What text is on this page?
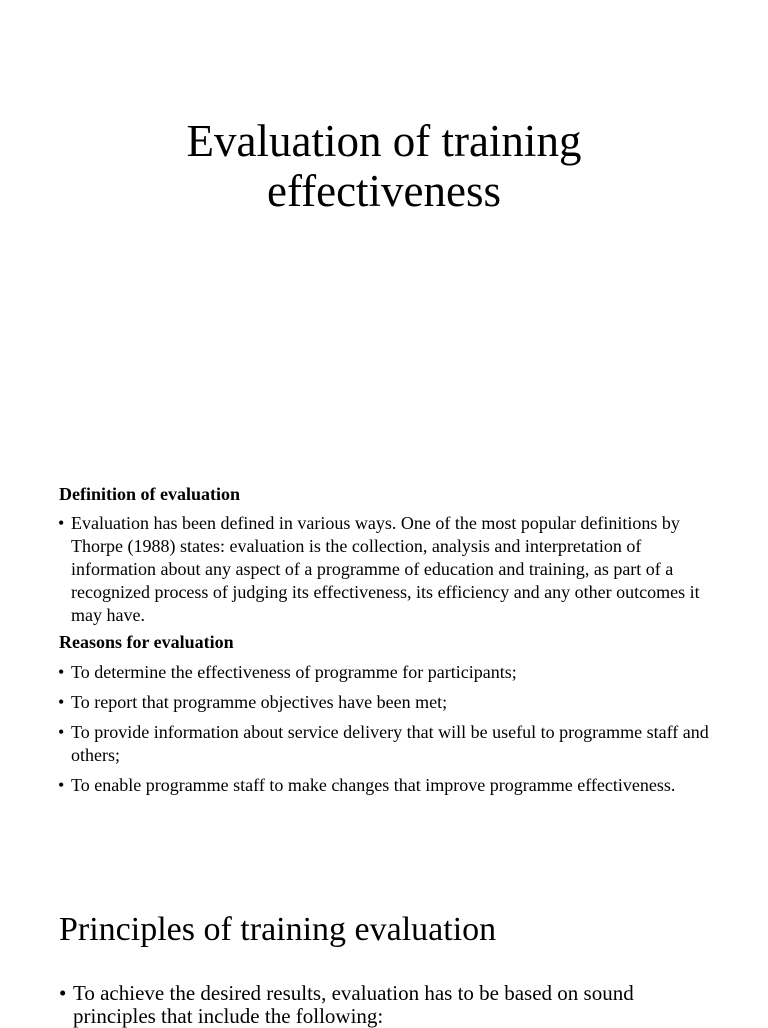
Evaluation of training
effectiveness
Definition of evaluation
• Evaluation has been defined in various ways. One of the most popular definitions by Thorpe (1988) states: evaluation is the collection, analysis and interpretation of information about any aspect of a programme of education and training, as part of a recognized process of judging its effectiveness, its efficiency and any other outcomes it may have.
Reasons for evaluation
• To determine the effectiveness of programme for participants;
• To report that programme objectives have been met;
• To provide information about service delivery that will be useful to programme staff and others;
• To enable programme staff to make changes that improve programme effectiveness.
Principles of training evaluation
• To achieve the desired results, evaluation has to be based on sound principles that include the following:
